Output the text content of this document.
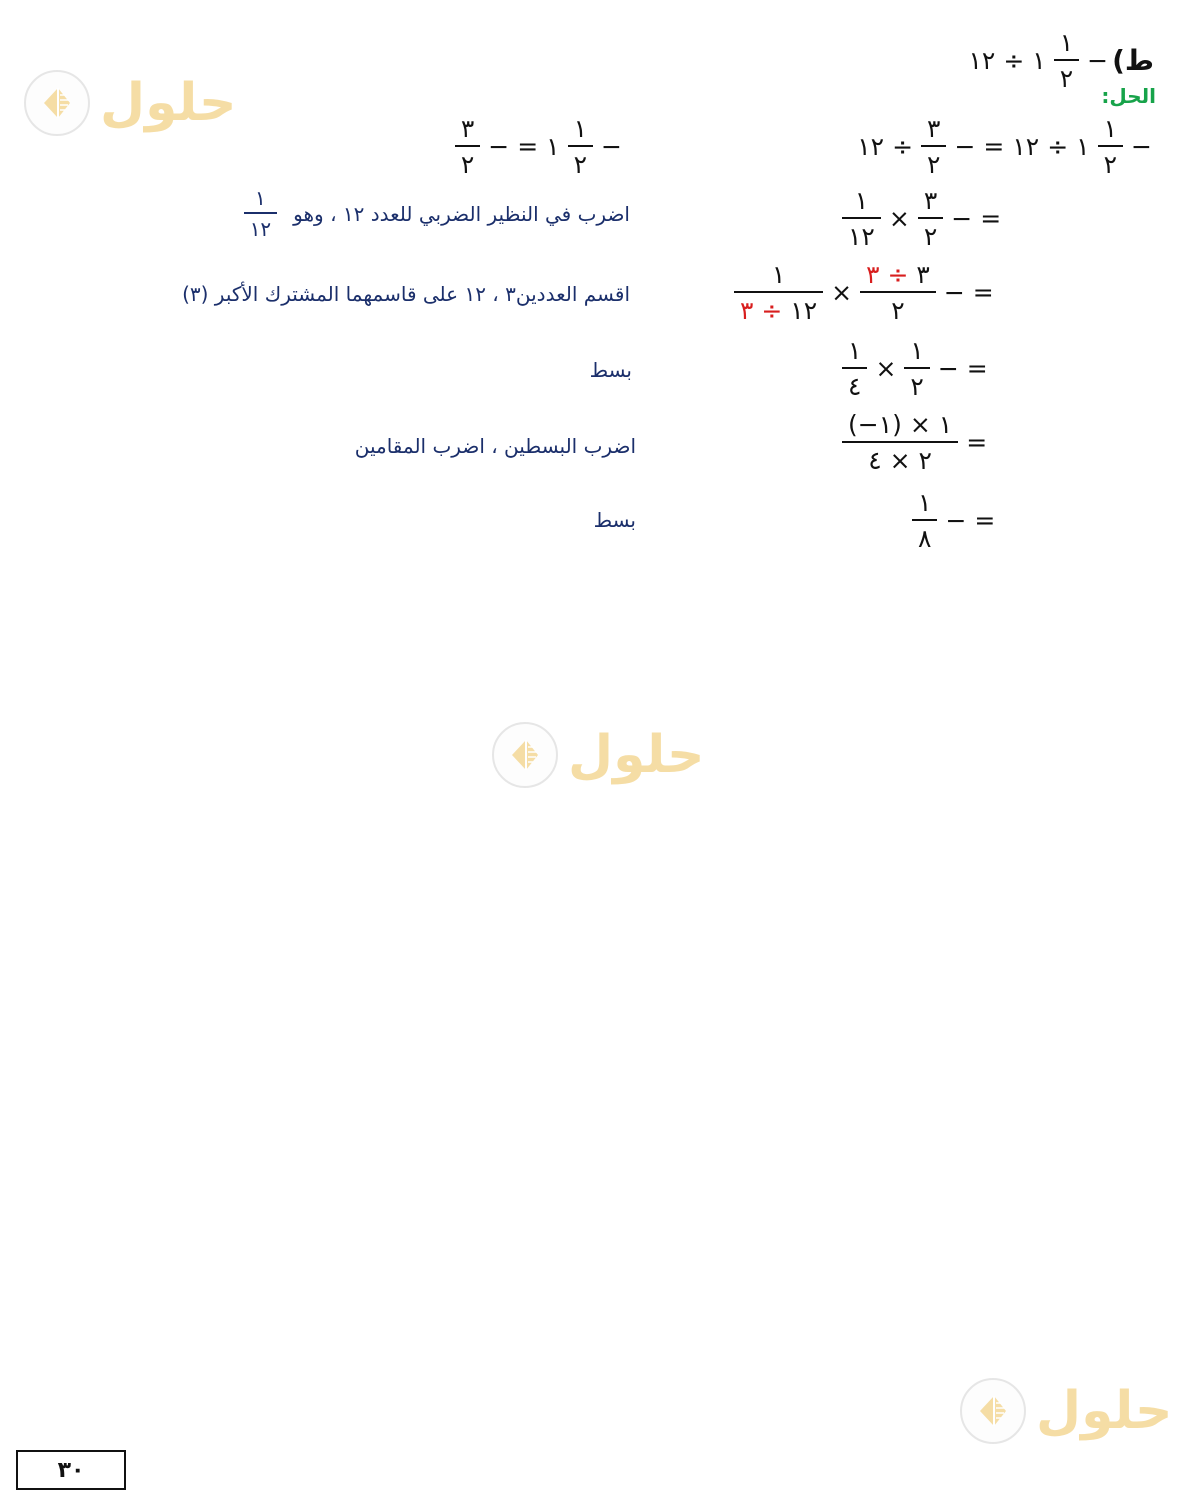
حلول
حلول
حلول
١٢ ÷ ١ $\frac{١}{٢}$ − ط)
الحل:
$\frac{٣}{٢}$ − = ١ $\frac{١}{٢}$ −	١٢ ÷ $\frac{٣}{٢}$ − = ١٢ ÷ ١ $\frac{١}{٢}$ −
$\frac{١}{١٢} \times \frac{٣}{٢}$ − =
$\frac{١}{١٢}$ اضرب في النظير الضربي للعدد ١٢ ، وهو
$\frac{١}{١٢ \div ٣} \times \frac{٣ \div ٣}{٢}$ − =
اقسم العددين٣ ، ١٢ على قاسمهما المشترك الأكبر (٣)
$\frac{١}{٤} \times \frac{١}{٢}$ − =
بسط
$\frac{(-١) \times ١}{٢ \times ٤}$ =
اضرب البسطين ، اضرب المقامين
$\frac{١}{٨}$ − =
بسط
٣٠
